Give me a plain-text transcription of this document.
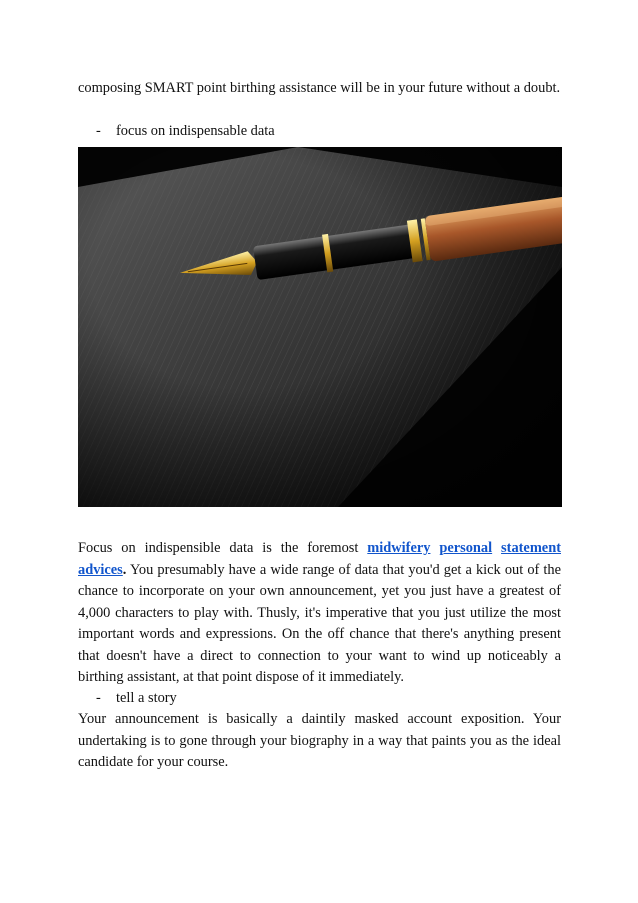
composing SMART point birthing assistance will be in your future without a doubt.

- focus on indispensable data

Focus on indispensible data is the foremost midwifery personal statement advices. You presumably have a wide range of data that you'd get a kick out of the chance to incorporate on your own announcement, yet you just have a greatest of 4,000 characters to play with. Thusly, it's imperative that you just utilize the most important words and expressions. On the off chance that there's anything present that doesn't have a direct to connection to your want to wind up noticeably a birthing assistant, at that point dispose of it immediately.

- tell a story

Your announcement is basically a daintily masked account exposition. Your undertaking is to gone through your biography in a way that paints you as the ideal candidate for your course.
